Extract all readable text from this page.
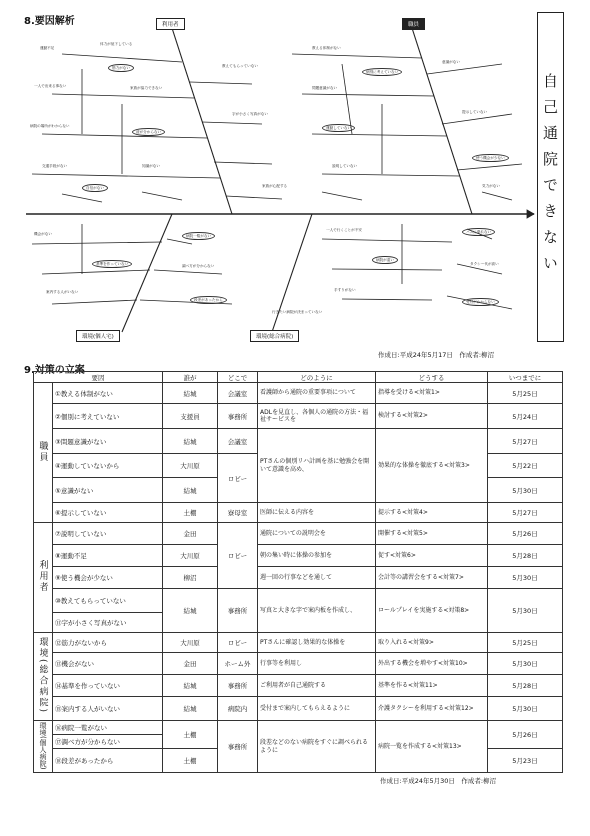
8.要因解析	利用者	職員
環境(個人宅)	環境(総合病院)
運動不足
体力が低下している
筋力がない
一人で出来る事ない	家族が協力できない
病院の場所がわからない
道が分からない
交通手段がない	知識がない
教える体制がない
個別に考えていない
問題意識がない
意識がない
運動していない
提示していない
説明していない
使う機会が少ない
教えてもらっていない
字が小さく写真がない
機会がない
基準を作っていない
案内する人がいない
病院一覧がない
調べ方が分からない
段差があったから
一人で行くことが不安
病院が遠い
手すりがない
バスに乗れない
タクシー代が高い
受付がわからない
家族が心配する	気力がない
自信がない
行きたい病院が決まっていない
自己通院できない
作成日:平成24年5月17日　作成者:柳沼
9.対策の立案
要因		誰が	どこで	どのように	どうする	いつまでに
職員	①教える体制がない	結城	会議室	看護師から通院の重要事項について	指導を受ける<対策1>	5月25日
	②個別に考えていない	支援員	事務所	ADLを見直し、各個人の通院の方法・福祉サービスを	検討する<対策2>	5月24日
	③問題意識がない	結城	会議室	PTさんの個別リハ計画を基に勉強会を開いて意識を高め、	効果的な体操を徹底する<対策3>	5月27日
	④運動していないから	大川原	ロビー			5月22日
	⑤意識がない	結城				5月30日
	⑥提示していない	土棚	寮母室	医師に伝える内容を	提示する<対策4>	5月27日
利用者	⑦説明していない	金田	ロビー	通院についての説明会を	開催する<対策5>	5月26日
	⑧運動不足	大川原		朝の集い時に体操の参加を	促す<対策6>	5月28日
	⑨使う機会が少ない	柳沼		週一回の行事などを通して	会計等の講習会をする<対策7>	5月30日
	⑩教えてもらっていない	結城	事務所	写真と大きな字で案内板を作成し、	ロールプレイを実施する<対策8>	5月30日
	⑪字が小さく写真がない					
環境(総合病院)	⑫筋力がないから	大川原	ロビー	PTさんに確認し効果的な体操を	取り入れる<対策9>	5月25日
	⑬機会がない	金田	ホーム外	行事等を利用し	外出する機会を増やす<対策10>	5月30日
	⑭基準を作っていない	結城	事務所	ご利用者が自己通院する	基準を作る<対策11>	5月28日
	⑮案内する人がいない	結城	病院内	受付まで案内してもらえるように	介護タクシーを利用する<対策12>	5月30日
環境(個人病院)	⑯病院一覧がない	土棚	事務所	段差などのない病院をすぐに調べられるように	病院一覧を作成する<対策13>	5月26日
	⑰調べ方が分からない					
	⑱段差があったから	土棚				5月23日
作成日:平成24年5月30日　作成者:柳沼
